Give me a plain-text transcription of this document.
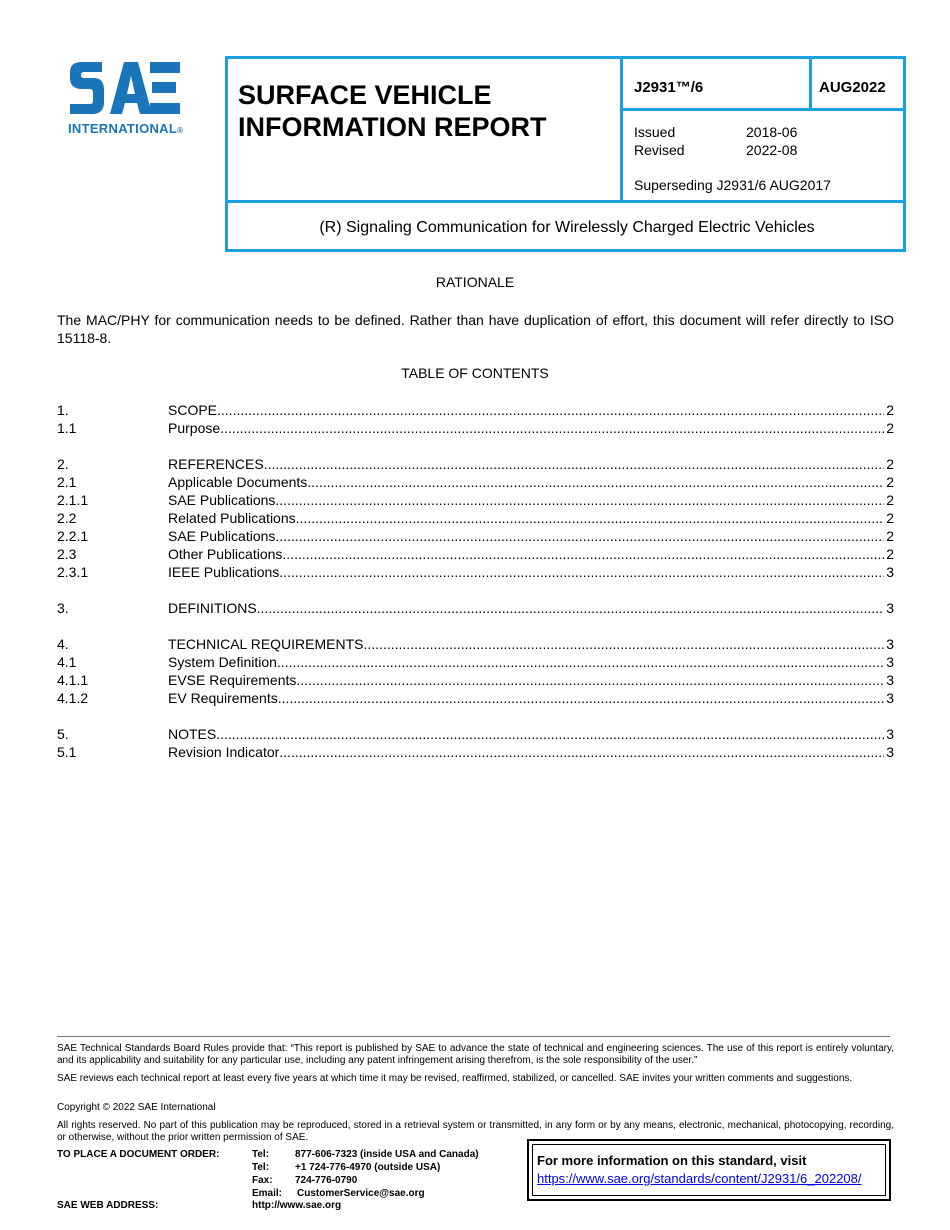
INTERNATIONAL®
SURFACE VEHICLE
INFORMATION REPORT
J2931™/6	AUG2022
Issued	2018-06
Revised	2022-08
Superseding J2931/6 AUG2017
(R) Signaling Communication for Wirelessly Charged Electric Vehicles
RATIONALE
The MAC/PHY for communication needs to be defined. Rather than have duplication of effort, this document will refer directly to ISO 15118-8.
TABLE OF CONTENTS
1.	SCOPE .....	2
1.1	Purpose .....	2
2.	REFERENCES .....	2
2.1	Applicable Documents .....	2
2.1.1	SAE Publications .....	2
2.2	Related Publications .....	2
2.2.1	SAE Publications .....	2
2.3	Other Publications .....	2
2.3.1	IEEE Publications .....	3
3.	DEFINITIONS .....	3
4.	TECHNICAL REQUIREMENTS .....	3
4.1	System Definition .....	3
4.1.1	EVSE Requirements .....	3
4.1.2	EV Requirements .....	3
5.	NOTES .....	3
5.1	Revision Indicator .....	3
SAE Technical Standards Board Rules provide that: “This report is published by SAE to advance the state of technical and engineering sciences. The use of this report is entirely voluntary, and its applicability and suitability for any particular use, including any patent infringement arising therefrom, is the sole responsibility of the user.”
SAE reviews each technical report at least every five years at which time it may be revised, reaffirmed, stabilized, or cancelled. SAE invites your written comments and suggestions.
Copyright © 2022 SAE International
All rights reserved. No part of this publication may be reproduced, stored in a retrieval system or transmitted, in any form or by any means, electronic, mechanical, photocopying, recording, or otherwise, without the prior written permission of SAE.
TO PLACE A DOCUMENT ORDER:	Tel:	877-606-7323 (inside USA and Canada)
Tel:	+1 724-776-4970 (outside USA)
Fax: 724-776-0790
Email: CustomerService@sae.org
SAE WEB ADDRESS:	http://www.sae.org
For more information on this standard, visit
https://www.sae.org/standards/content/J2931/6_202208/
